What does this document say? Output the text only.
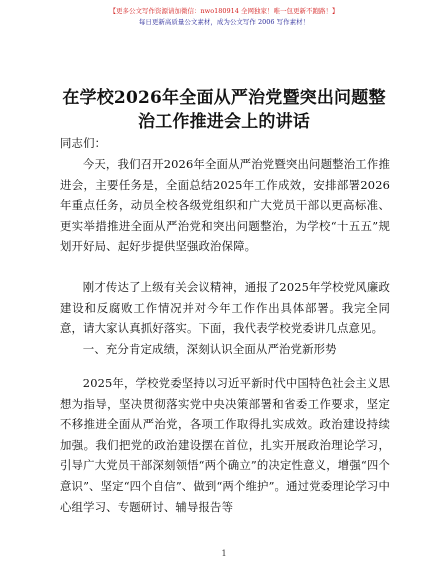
【更多公文写作资源请加微信：nwo180914 全网独家！唯一包更新不跑路！】
每日更新高质量公文素材，成为公文写作 2006 写作素材！
在学校2026年全面从严治党暨突出问题整治工作推进会上的讲话
同志们：
今天，我们召开2026年全面从严治党暨突出问题整治工作推进会，主要任务是，全面总结2025年工作成效，安排部署2026年重点任务，动员全校各级党组织和广大党员干部以更高标准、更实举措推进全面从严治党和突出问题整治，为学校“十五五”规划开好局、起好步提供坚强政治保障。
刚才传达了上级有关会议精神，通报了2025年学校党风廉政建设和反腐败工作情况并对今年工作作出具体部署。我完全同意，请大家认真抓好落实。下面，我代表学校党委讲几点意见。
一、充分肯定成绩，深刻认识全面从严治党新形势
2025年，学校党委坚持以习近平新时代中国特色社会主义思想为指导，坚决贯彻落实党中央决策部署和省委工作要求，坚定不移推进全面从严治党，各项工作取得扎实成效。政治建设持续加强。我们把党的政治建设摆在首位，扎实开展政治理论学习，引导广大党员干部深刻领悟“两个确立”的决定性意义，增强“四个意识”、坚定“四个自信”、做到“两个维护”。通过党委理论学习中心组学习、专题研讨、辅导报告等
1
